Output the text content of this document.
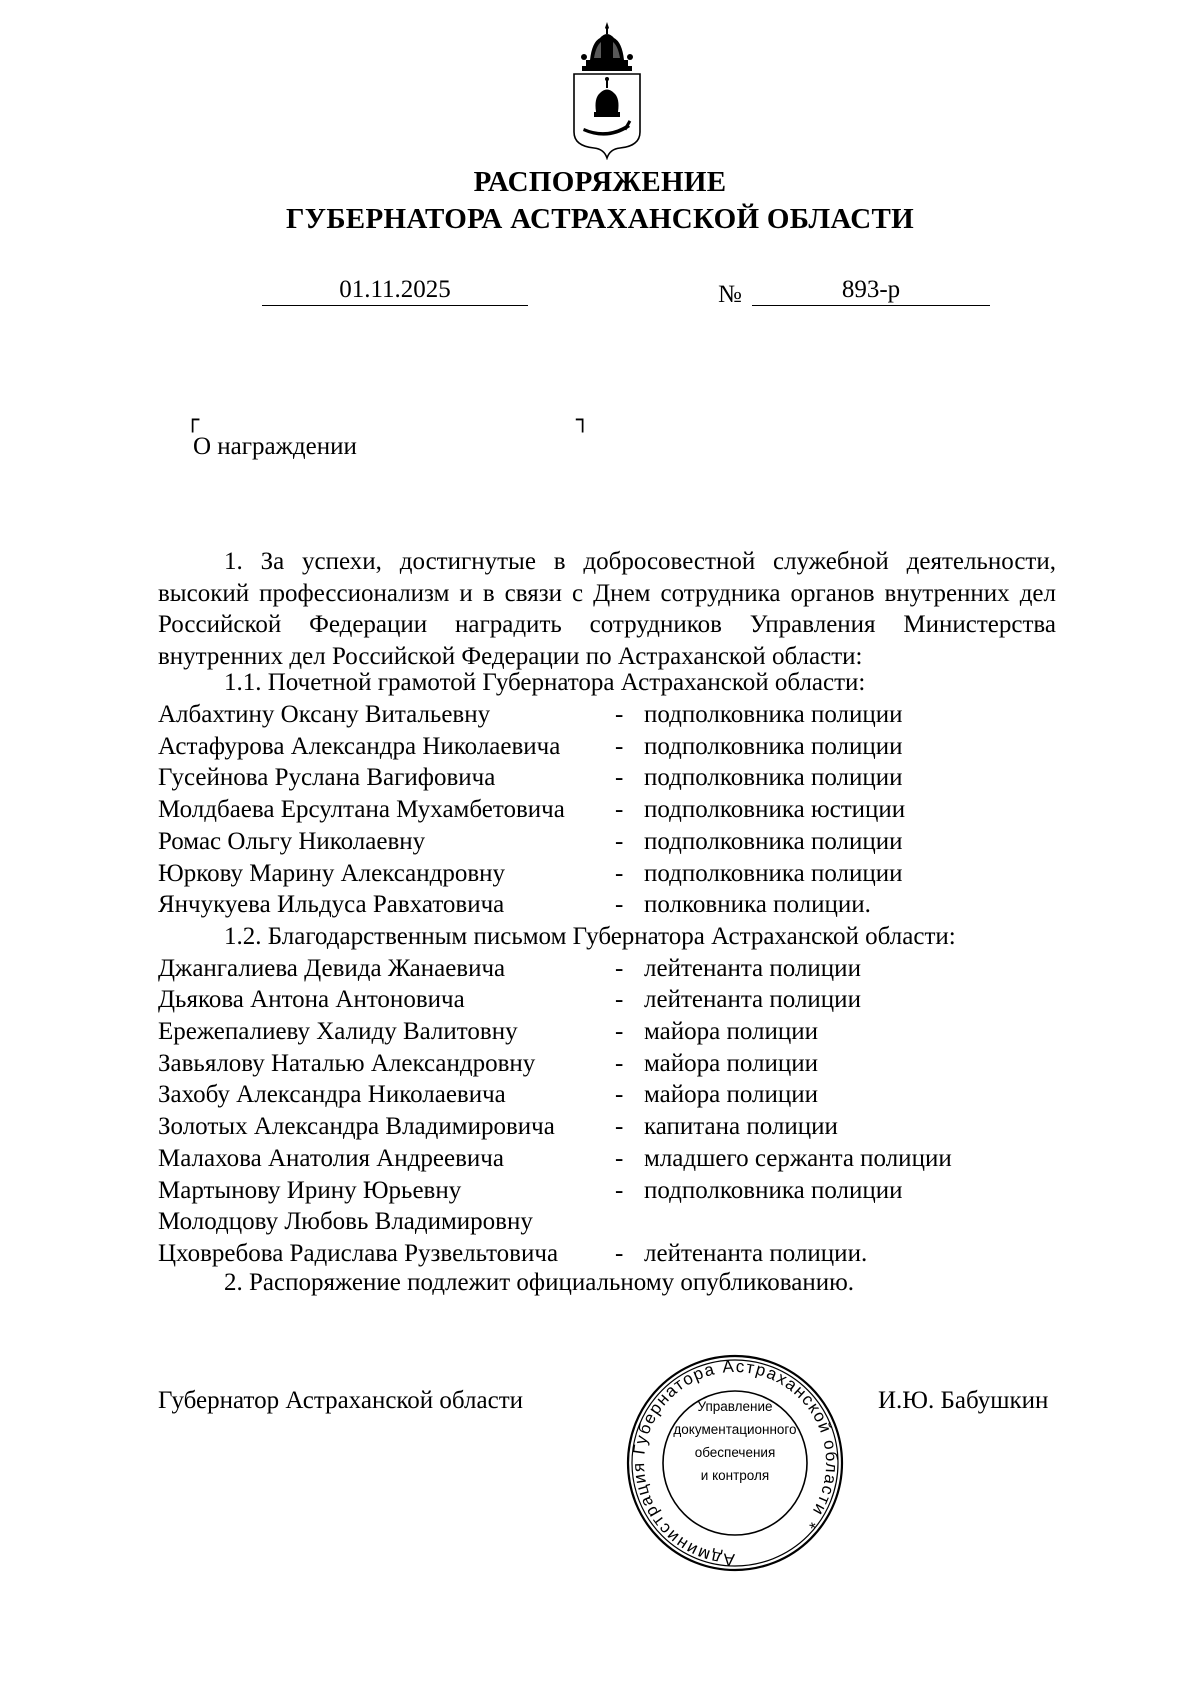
РАСПОРЯЖЕНИЕ
ГУБЕРНАТОРА АСТРАХАНСКОЙ ОБЛАСТИ
01.11.2025	№	893-р
┌	┐
О награждении
1. За успехи, достигнутые в добросовестной служебной деятельности, высокий профессионализм и в связи с Днем сотрудника органов внутренних дел Российской Федерации наградить сотрудников Управления Министерства внутренних дел Российской Федерации по Астраханской области:
1.1. Почетной грамотой Губернатора Астраханской области:
Албахтину Оксану Витальевну	- подполковника полиции
Астафурова Александра Николаевича - подполковника полиции
Гусейнова Руслана Вагифовича	- подполковника полиции
Молдбаева Ерсултана Мухамбетовича - подполковника юстиции
Ромас Ольгу Николаевну	- подполковника полиции
Юркову Марину Александровну	- подполковника полиции
Янчукуева Ильдуса Равхатовича	- полковника полиции.
1.2. Благодарственным письмом Губернатора Астраханской области:
Джангалиева Девида Жанаевича	- лейтенанта полиции
Дьякова Антона Антоновича	- лейтенанта полиции
Ережепалиеву Халиду Валитовну	- майора полиции
Завьялову Наталью Александровну	- майора полиции
Захобу Александра Николаевича	- майора полиции
Золотых Александра Владимировича - капитана полиции
Малахова Анатолия Андреевича	- младшего сержанта полиции
Мартынову Ирину Юрьевну	- подполковника полиции
Молодцову Любовь Владимировну
Цховребова Радислава Рузвельтовича - лейтенанта полиции.
2. Распоряжение подлежит официальному опубликованию.
Губернатор Астраханской области	И.Ю. Бабушкин
Администрация Губернатора Астраханской области *
Управление
документационного
обеспечения
и контроля
